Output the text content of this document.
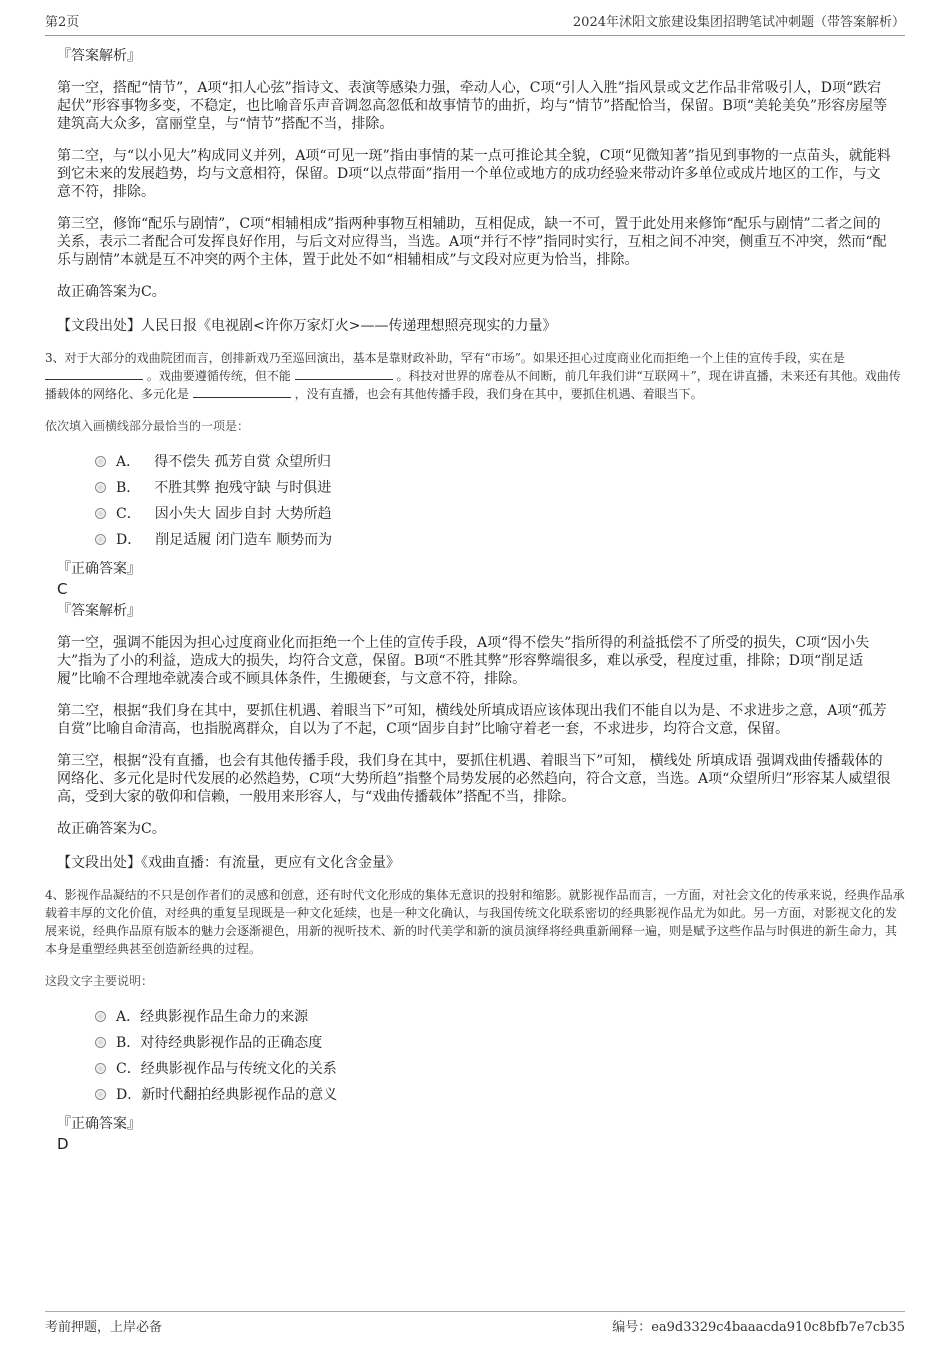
第2页	2024年沭阳文旅建设集团招聘笔试冲刺题（带答案解析）
『答案解析』

第一空，搭配“情节”，A项“扣人心弦”指诗文、表演等感染力强，牵动人心，C项“引人入胜”指风景或文艺作品非常吸引人，D项“跌宕起伏”形容事物多变，不稳定，也比喻音乐声音调忽高忽低和故事情节的曲折，均与“情节”搭配恰当，保留。B项“美轮美奂”形容房屋等建筑高大众多，富丽堂皇，与“情节”搭配不当，排除。

第二空，与“以小见大”构成同义并列，A项“可见一斑”指由事情的某一点可推论其全貌，C项“见微知著”指见到事物的一点苗头，就能料到它未来的发展趋势，均与文意相符，保留。D项“以点带面”指用一个单位或地方的成功经验来带动许多单位或成片地区的工作，与文意不符，排除。

第三空，修饰“配乐与剧情”，C项“相辅相成”指两种事物互相辅助，互相促成，缺一不可，置于此处用来修饰“配乐与剧情”二者之间的关系，表示二者配合可发挥良好作用，与后文对应得当，当选。A项“并行不悖”指同时实行，互相之间不冲突，侧重互不冲突，然而“配乐与剧情”本就是互不冲突的两个主体，置于此处不如“相辅相成”与文段对应更为恰当，排除。

故正确答案为C。

【文段出处】人民日报《电视剧<许你万家灯火>——传递理想照亮现实的力量》

3、对于大部分的戏曲院团而言，创排新戏乃至巡回演出，基本是靠财政补助，罕有“市场”。如果还担心过度商业化而拒绝一个上佳的宣传手段，实在是  。戏曲要遵循传统，但不能	。科技对世界的席卷从不间断，前几年我们讲“互联网＋”，现在讲直播，未来还有其他。戏曲传播载体的网络化、多元化是	，没有直播，也会有其他传播手段，我们身在其中，要抓住机遇、着眼当下。

依次填入画横线部分最恰当的一项是：

A． 得不偿失 孤芳自赏 众望所归
B． 不胜其弊 抱残守缺 与时俱进
C． 因小失大 固步自封 大势所趋
D． 削足适履 闭门造车 顺势而为
『正确答案』
C
『答案解析』

第一空，强调不能因为担心过度商业化而拒绝一个上佳的宣传手段，A项“得不偿失”指所得的利益抵偿不了所受的损失，C项“因小失大”指为了小的利益，造成大的损失，均符合文意，保留。B项“不胜其弊”形容弊端很多，难以承受，程度过重，排除；D项“削足适履”比喻不合理地牵就凑合或不顾具体条件，生搬硬套，与文意不符，排除。

第二空，根据“我们身在其中，要抓住机遇、着眼当下”可知，横线处所填成语应该体现出我们不能自以为是、不求进步之意，A项“孤芳自赏”比喻自命清高，也指脱离群众，自以为了不起，C项“固步自封”比喻守着老一套，不求进步，均符合文意，保留。

第三空，根据“没有直播，也会有其他传播手段，我们身在其中，要抓住机遇、着眼当下”可知， 横线处 所填成语 强调戏曲传播载体的网络化、多元化是时代发展的必然趋势，C项“大势所趋”指整个局势发展的必然趋向，符合文意，当选。A项“众望所归”形容某人威望很高，受到大家的敬仰和信赖，一般用来形容人，与“戏曲传播载体”搭配不当，排除。

故正确答案为C。

【文段出处】《戏曲直播：有流量，更应有文化含金量》

4、影视作品凝结的不只是创作者们的灵感和创意，还有时代文化形成的集体无意识的投射和缩影。就影视作品而言，一方面，对社会文化的传承来说，经典作品承载着丰厚的文化价值，对经典的重复呈现既是一种文化延续，也是一种文化确认，与我国传统文化联系密切的经典影视作品尤为如此。另一方面，对影视文化的发展来说，经典作品原有版本的魅力会逐渐褪色，用新的视听技术、新的时代美学和新的演员演绎将经典重新阐释一遍，则是赋予这些作品与时俱进的新生命力，其本身是重塑经典甚至创造新经典的过程。

这段文字主要说明：

A． 经典影视作品生命力的来源
B． 对待经典影视作品的正确态度
C． 经典影视作品与传统文化的关系
D． 新时代翻拍经典影视作品的意义
『正确答案』
D
考前押题，上岸必备	编号：ea9d3329c4baaacda910c8bfb7e7cb35
